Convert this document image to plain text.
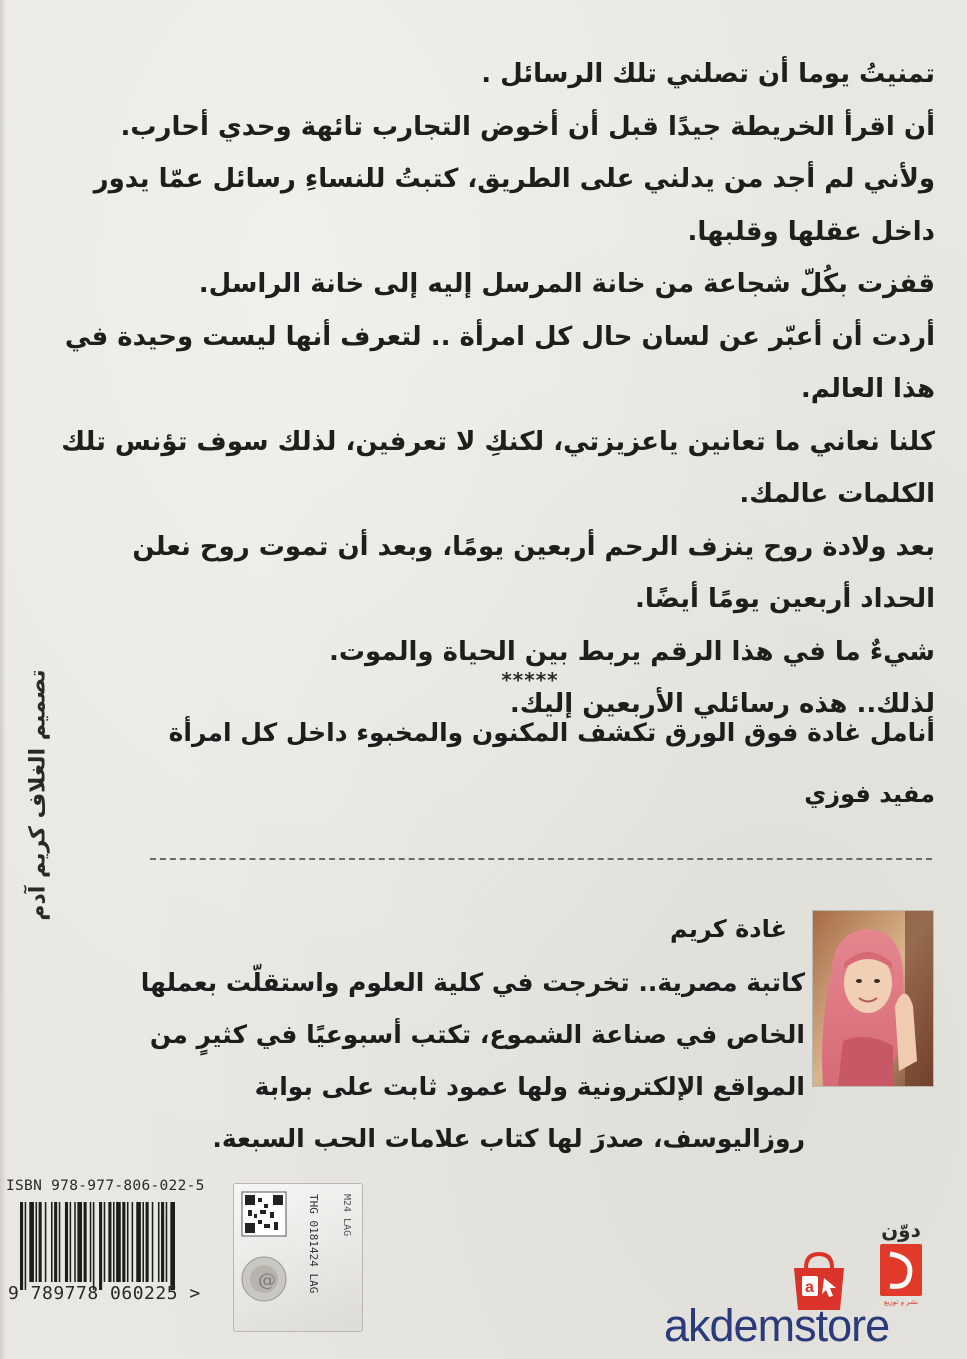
تمنيتُ يوما أن تصلني تلك الرسائل .
أن اقرأ الخريطة جيدًا قبل أن أخوض التجارب تائهة وحدي أحارب.
ولأني لم أجد من يدلني على الطريق، كتبتُ للنساءِ رسائل عمّا يدور
داخل عقلها وقلبها.
قفزت بكُلّ شجاعة من خانة المرسل إليه إلى خانة الراسل.
أردت أن أعبّر عن لسان حال كل امرأة .. لتعرف أنها ليست وحيدة في
هذا العالم.
كلنا نعاني ما تعانين ياعزيزتي، لكنكِ لا تعرفين، لذلك سوف تؤنس تلك
الكلمات عالمك.
بعد ولادة روح ينزف الرحم أربعين يومًا، وبعد أن تموت روح نعلن
الحداد أربعين يومًا أيضًا.
شيءٌ ما في هذا الرقم يربط بين الحياة والموت.
لذلك.. هذه رسائلي الأربعين إليك.
*****
أنامل غادة فوق الورق تكشف المكنون والمخبوء داخل كل امرأة
مفيد فوزي
تصميم الغلاف كريم آدم
غادة كريم
كاتبة مصرية.. تخرجت في كلية العلوم واستقلّت بعملها
الخاص في صناعة الشموع، تكتب أسبوعيًا في كثيرٍ من
المواقع الإلكترونية ولها عمود ثابت على بوابة
روزاليوسف، صدرَ لها كتاب علامات الحب السبعة.
ISBN 978-977-806-022-5
9 789778 060225 >
@
THG 0181424 LAG
M24 LAG	دوّن
نشر و توزيع
a
akdemstore
